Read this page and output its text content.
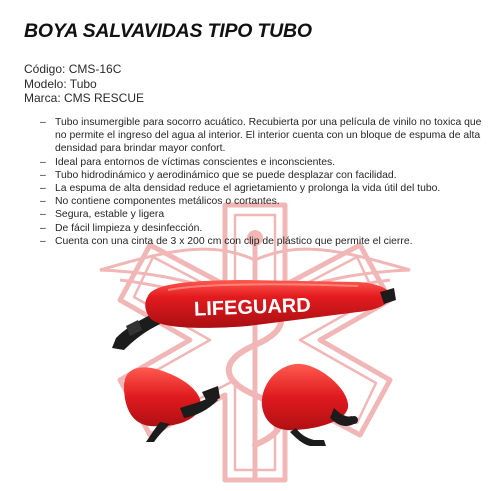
BOYA SALVAVIDAS TIPO TUBO
Código: CMS-16C
Modelo: Tubo
Marca: CMS RESCUE
– Tubo insumergible para socorro acuático. Recubierta por una película de vinilo no toxica que no permite el ingreso del agua al interior. El interior cuenta con un bloque de espuma de alta densidad para brindar mayor confort.
– Ideal para entornos de víctimas conscientes e inconscientes.
– Tubo hidrodinámico y aerodinámico que se puede desplazar con facilidad.
– La espuma de alta densidad reduce el agrietamiento y prolonga la vida útil del tubo.
– No contiene componentes metálicos o cortantes.
– Segura, estable y ligera
– De fácil limpieza y desinfección.
– Cuenta con una cinta de 3 x 200 cm con clip de plástico que permite el cierre.
LIFEGUARD
